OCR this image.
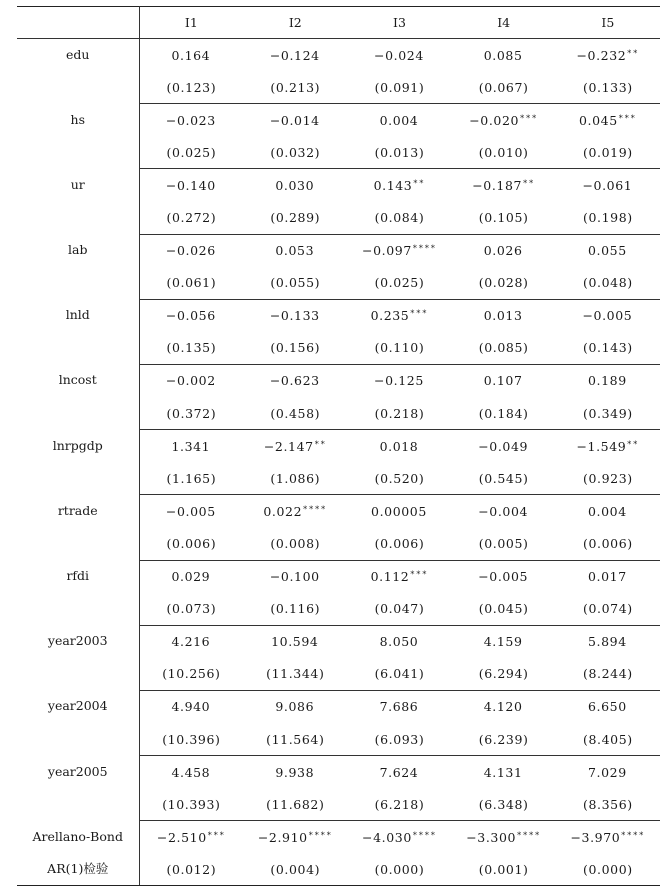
	I1	I2	I3	I4	I5
edu	0.164	−0.124	−0.024	0.085	−0.232**
	(0.123)	(0.213)	(0.091)	(0.067)	(0.133)
hs	−0.023	−0.014	0.004	−0.020***	0.045***
	(0.025)	(0.032)	(0.013)	(0.010)	(0.019)
ur	−0.140	0.030	0.143**	−0.187**	−0.061
	(0.272)	(0.289)	(0.084)	(0.105)	(0.198)
lab	−0.026	0.053	−0.097****	0.026	0.055
	(0.061)	(0.055)	(0.025)	(0.028)	(0.048)
lnld	−0.056	−0.133	0.235***	0.013	−0.005
	(0.135)	(0.156)	(0.110)	(0.085)	(0.143)
lncost	−0.002	−0.623	−0.125	0.107	0.189
	(0.372)	(0.458)	(0.218)	(0.184)	(0.349)
lnrpgdp	1.341	−2.147**	0.018	−0.049	−1.549**
	(1.165)	(1.086)	(0.520)	(0.545)	(0.923)
rtrade	−0.005	0.022****	0.00005	−0.004	0.004
	(0.006)	(0.008)	(0.006)	(0.005)	(0.006)
rfdi	0.029	−0.100	0.112***	−0.005	0.017
	(0.073)	(0.116)	(0.047)	(0.045)	(0.074)
year2003	4.216	10.594	8.050	4.159	5.894
	(10.256)	(11.344)	(6.041)	(6.294)	(8.244)
year2004	4.940	9.086	7.686	4.120	6.650
	(10.396)	(11.564)	(6.093)	(6.239)	(8.405)
year2005	4.458	9.938	7.624	4.131	7.029
	(10.393)	(11.682)	(6.218)	(6.348)	(8.356)
Arellano-Bond	−2.510***	−2.910****	−4.030****	−3.300****	−3.970****
AR(1)检验	(0.012)	(0.004)	(0.000)	(0.001)	(0.000)
